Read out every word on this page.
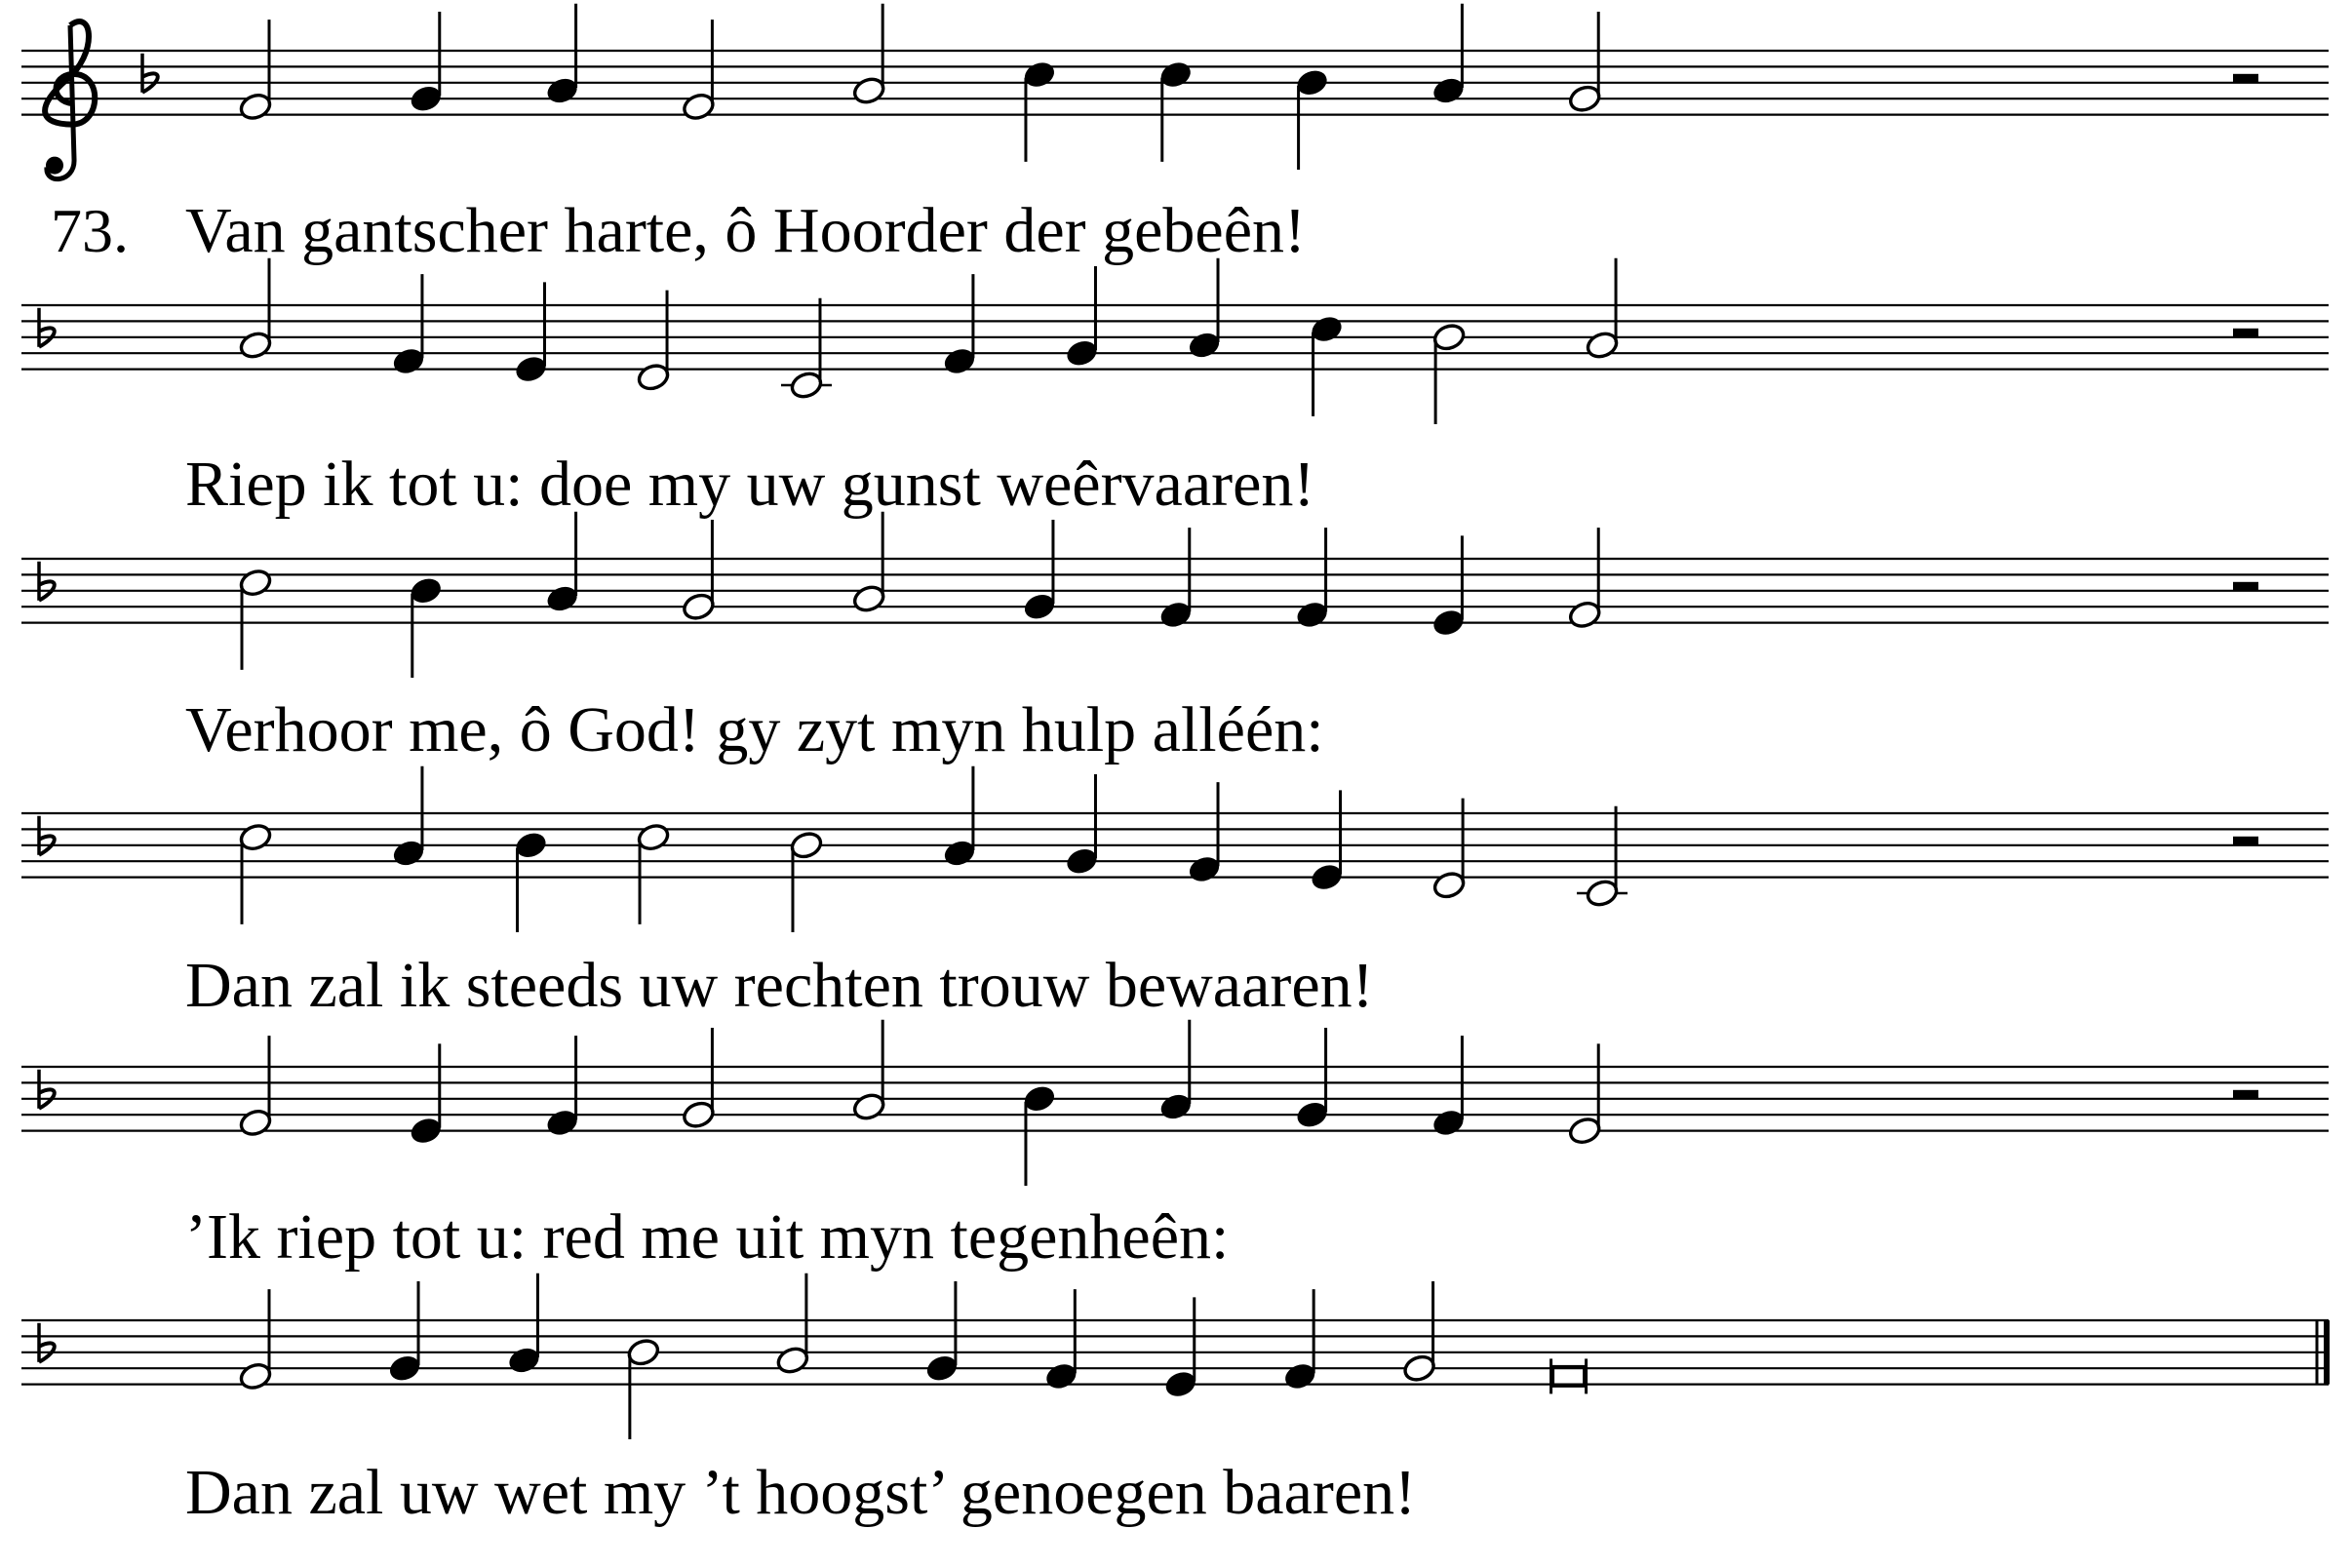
Van gantscher harte, ô Hoorder der gebeên!
Riep ik tot u: doe my uw gunst weêrvaaren!
Verhoor me, ô God! gy zyt myn hulp alléén:
Dan zal ik steeds uw rechten trouw bewaaren!
’Ik riep tot u: red me uit myn tegenheên:
Dan zal uw wet my ’t hoogst’ genoegen baaren!
73.
